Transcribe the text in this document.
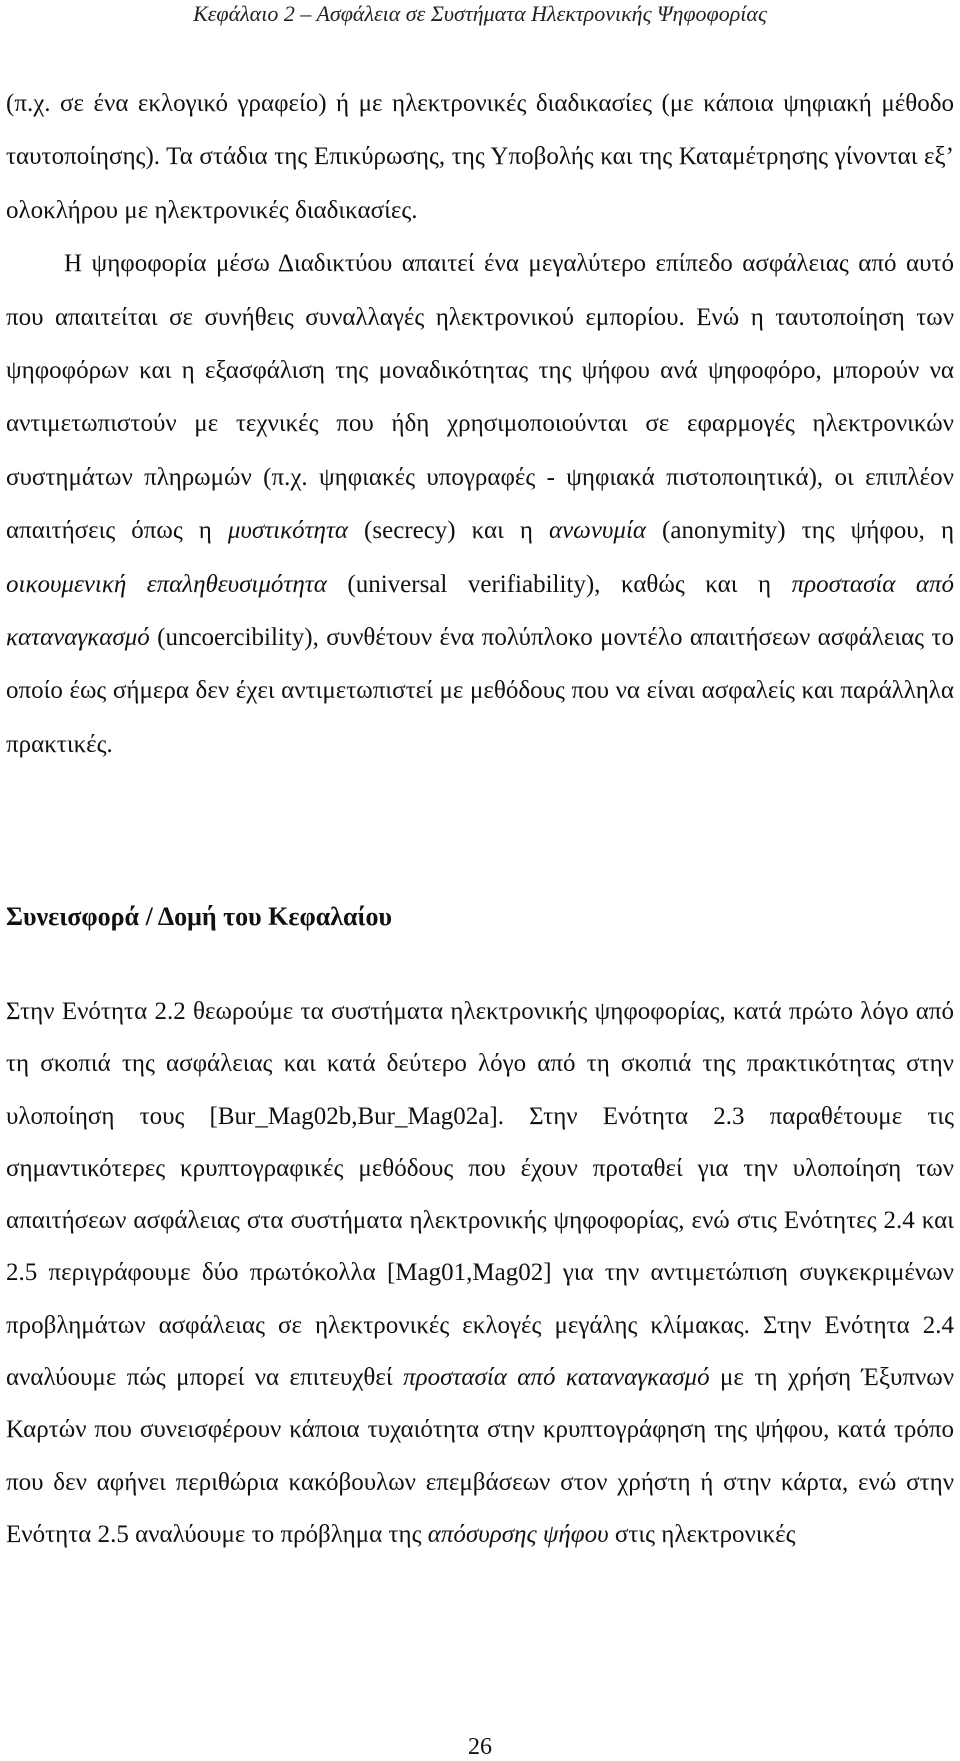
Κεφάλαιο 2 – Ασφάλεια σε Συστήματα Ηλεκτρονικής Ψηφοφορίας

(π.χ. σε ένα εκλογικό γραφείο) ή με ηλεκτρονικές διαδικασίες (με κάποια ψηφιακή μέθοδο ταυτοποίησης). Τα στάδια της Επικύρωσης, της Υποβολής και της Καταμέτρησης γίνονται εξ’ ολοκλήρου με ηλεκτρονικές διαδικασίες.
Η ψηφοφορία μέσω Διαδικτύου απαιτεί ένα μεγαλύτερο επίπεδο ασφάλειας από αυτό που απαιτείται σε συνήθεις συναλλαγές ηλεκτρονικού εμπορίου. Ενώ η ταυτοποίηση των ψηφοφόρων και η εξασφάλιση της μοναδικότητας της ψήφου ανά ψηφοφόρο, μπορούν να αντιμετωπιστούν με τεχνικές που ήδη χρησιμοποιούνται σε εφαρμογές ηλεκτρονικών συστημάτων πληρωμών (π.χ. ψηφιακές υπογραφές - ψηφιακά πιστοποιητικά), οι επιπλέον απαιτήσεις όπως η μυστικότητα (secrecy) και η ανωνυμία (anonymity) της ψήφου, η οικουμενική επαληθευσιμότητα (universal verifiability), καθώς και η προστασία από καταναγκασμό (uncoercibility), συνθέτουν ένα πολύπλοκο μοντέλο απαιτήσεων ασφάλειας το οποίο έως σήμερα δεν έχει αντιμετωπιστεί με μεθόδους που να είναι ασφαλείς και παράλληλα πρακτικές.

Συνεισφορά / Δομή του Κεφαλαίου

Στην Ενότητα 2.2 θεωρούμε τα συστήματα ηλεκτρονικής ψηφοφορίας, κατά πρώτο λόγο από τη σκοπιά της ασφάλειας και κατά δεύτερο λόγο από τη σκοπιά της πρακτικότητας στην υλοποίηση τους [Bur_Mag02b,Bur_Mag02a]. Στην Ενότητα 2.3 παραθέτουμε τις σημαντικότερες κρυπτογραφικές μεθόδους που έχουν προταθεί για την υλοποίηση των απαιτήσεων ασφάλειας στα συστήματα ηλεκτρονικής ψηφοφορίας, ενώ στις Ενότητες 2.4 και 2.5 περιγράφουμε δύο πρωτόκολλα [Mag01,Mag02] για την αντιμετώπιση συγκεκριμένων προβλημάτων ασφάλειας σε ηλεκτρονικές εκλογές μεγάλης κλίμακας. Στην Ενότητα 2.4 αναλύουμε πώς μπορεί να επιτευχθεί προστασία από καταναγκασμό με τη χρήση Έξυπνων Καρτών που συνεισφέρουν κάποια τυχαιότητα στην κρυπτογράφηση της ψήφου, κατά τρόπο που δεν αφήνει περιθώρια κακόβουλων επεμβάσεων στον χρήστη ή στην κάρτα, ενώ στην Ενότητα 2.5 αναλύουμε το πρόβλημα της απόσυρσης ψήφου στις ηλεκτρονικές

26
